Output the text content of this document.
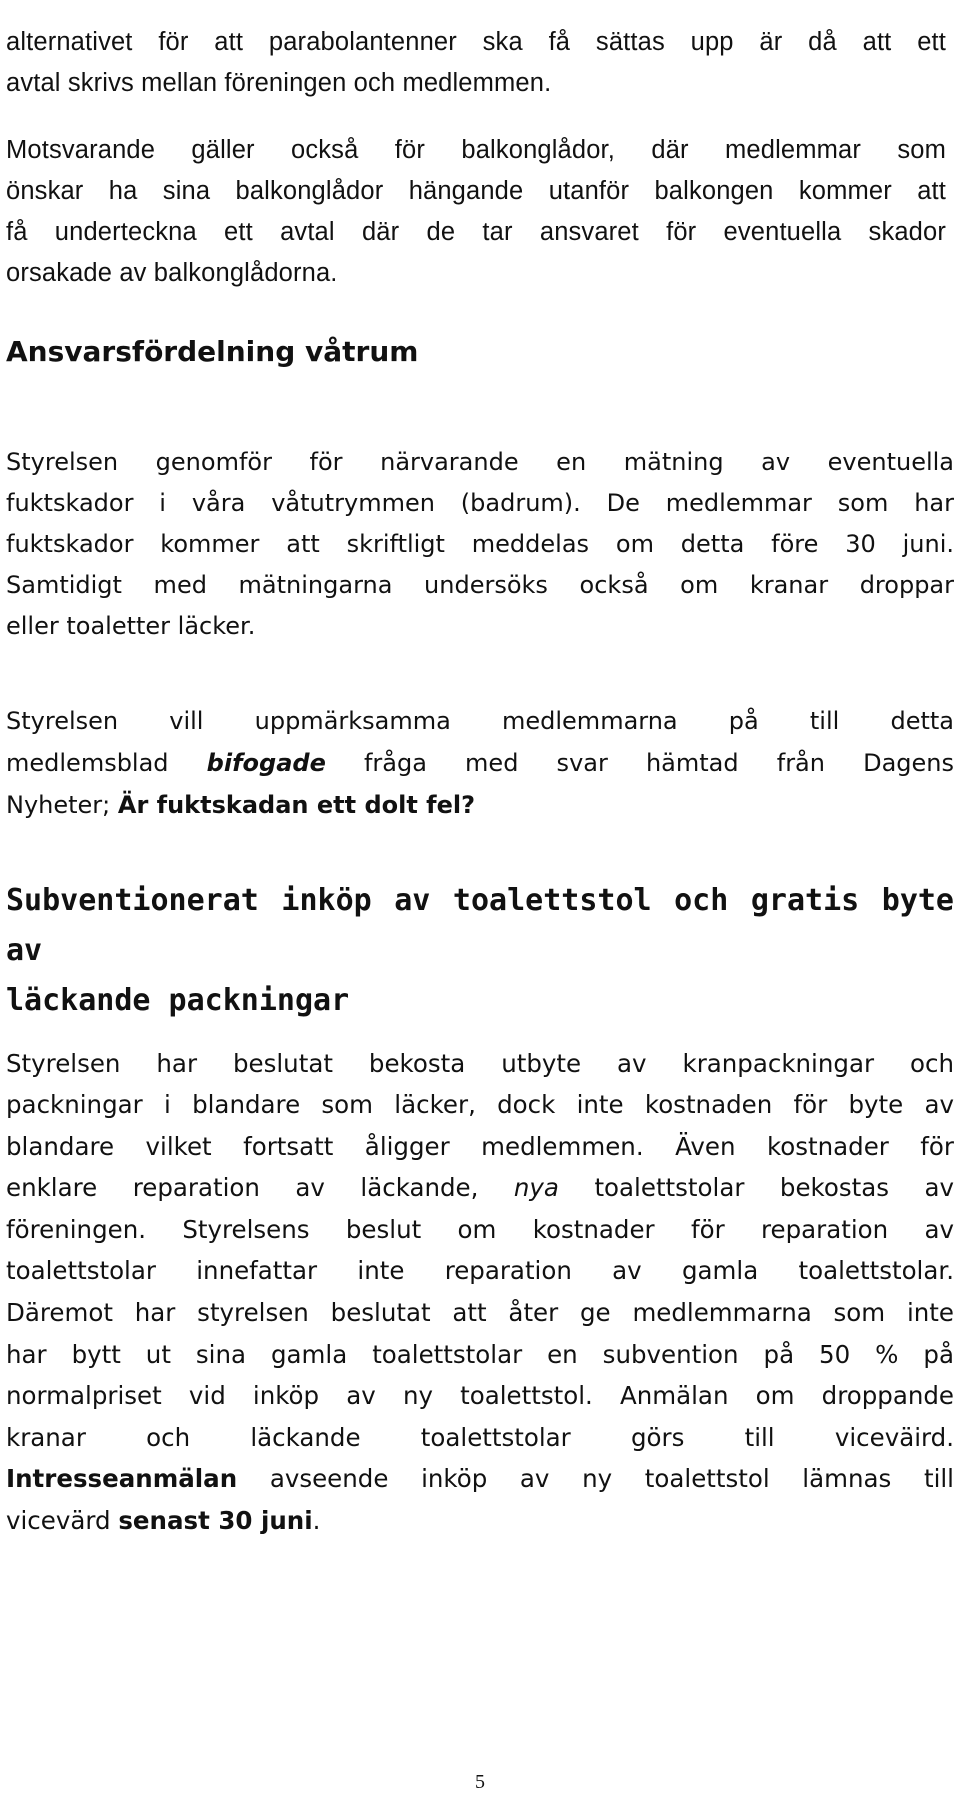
alternativet för att parabolantenner ska få sättas upp är då att ett
avtal skrivs mellan föreningen och medlemmen.

Motsvarande gäller också för balkonglådor, där medlemmar som
önskar ha sina balkonglådor hängande utanför balkongen kommer att
få underteckna ett avtal där de tar ansvaret för eventuella skador
orsakade av balkonglådorna.

Ansvarsfördelning våtrum

Styrelsen genomför för närvarande en mätning av eventuella
fuktskador i våra våtutrymmen (badrum). De medlemmar som har
fuktskador kommer att skriftligt meddelas om detta före 30 juni.
Samtidigt med mätningarna undersöks också om kranar droppar
eller toaletter läcker.

Styrelsen vill uppmärksamma medlemmarna på till detta
medlemsblad bifogade fråga med svar hämtad från Dagens
Nyheter; Är fuktskadan ett dolt fel?

Subventionerat inköp av toalettstol och gratis byte av
läckande packningar

Styrelsen har beslutat bekosta utbyte av kranpackningar och
packningar i blandare som läcker, dock inte kostnaden för byte av
blandare vilket fortsatt åligger medlemmen. Även kostnader för
enklare reparation av läckande, nya toalettstolar bekostas av
föreningen. Styrelsens beslut om kostnader för reparation av
toalettstolar innefattar inte reparation av gamla toalettstolar.
Däremot har styrelsen beslutat att åter ge medlemmarna som inte
har bytt ut sina gamla toalettstolar en subvention på 50 % på
normalpriset vid inköp av ny toalettstol. Anmälan om droppande
kranar och läckande toalettstolar görs till viceväird.
Intresseanmälan avseende inköp av ny toalettstol lämnas till
vicevärd senast 30 juni.

5
